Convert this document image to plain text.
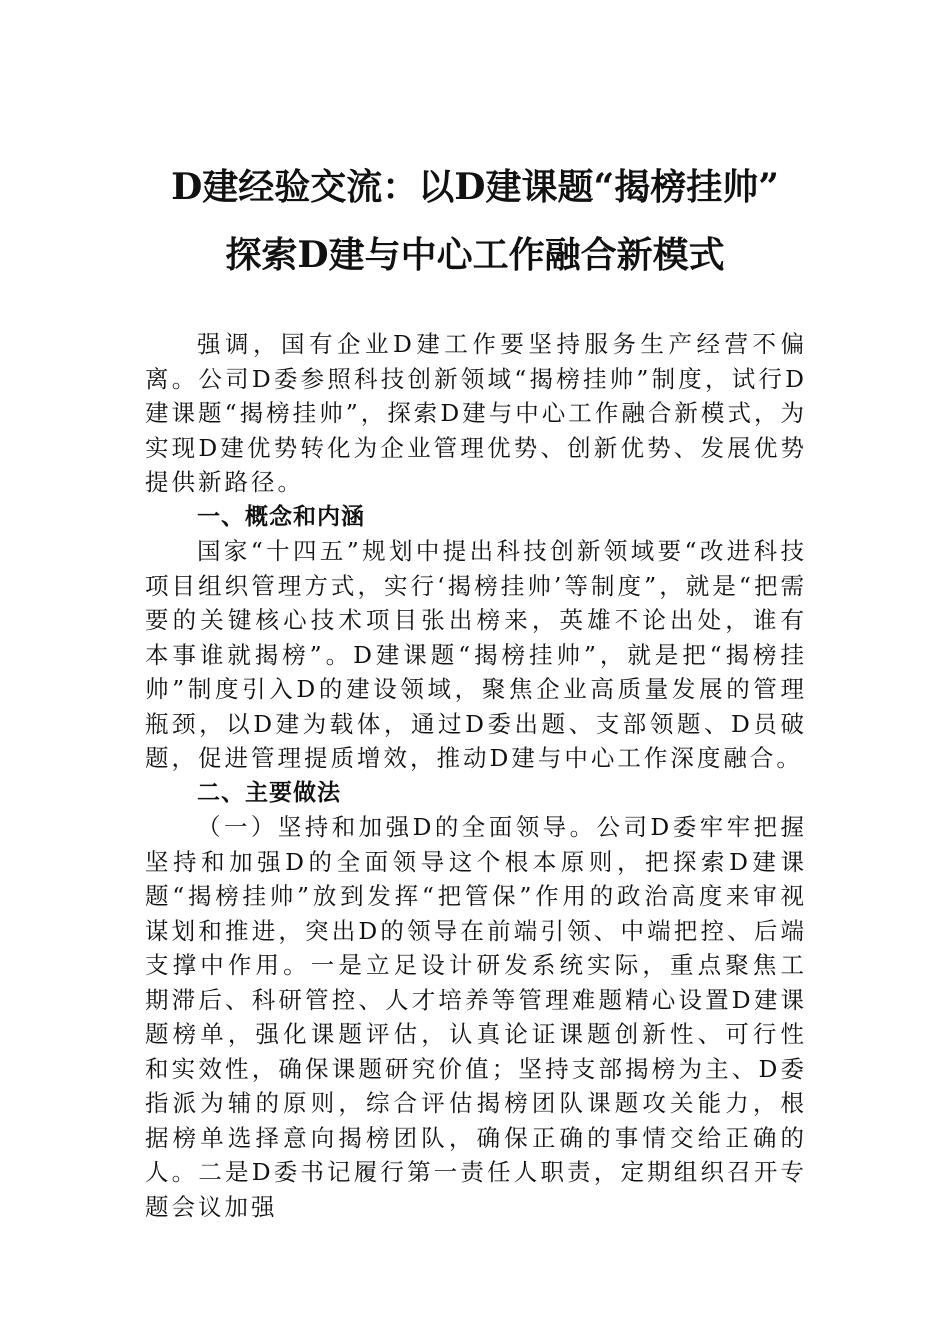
D建经验交流：以D建课题“揭榜挂帅”
探索D建与中心工作融合新模式

强调，国有企业D建工作要坚持服务生产经营不偏离。公司D委参照科技创新领域“揭榜挂帅”制度，试行D建课题“揭榜挂帅”，探索D建与中心工作融合新模式，为实现D建优势转化为企业管理优势、创新优势、发展优势提供新路径。

一、概念和内涵

国家“十四五”规划中提出科技创新领域要“改进科技项目组织管理方式，实行‘揭榜挂帅’等制度”，就是“把需要的关键核心技术项目张出榜来，英雄不论出处，谁有本事谁就揭榜”。D建课题“揭榜挂帅”，就是把“揭榜挂帅”制度引入D的建设领域，聚焦企业高质量发展的管理瓶颈，以D建为载体，通过D委出题、支部领题、D员破题，促进管理提质增效，推动D建与中心工作深度融合。

二、主要做法

（一）坚持和加强D的全面领导。公司D委牢牢把握坚持和加强D的全面领导这个根本原则，把探索D建课题“揭榜挂帅”放到发挥“把管保”作用的政治高度来审视谋划和推进，突出D的领导在前端引领、中端把控、后端支撑中作用。一是立足设计研发系统实际，重点聚焦工期滞后、科研管控、人才培养等管理难题精心设置D建课题榜单，强化课题评估，认真论证课题创新性、可行性和实效性，确保课题研究价值；坚持支部揭榜为主、D委指派为辅的原则，综合评估揭榜团队课题攻关能力，根据榜单选择意向揭榜团队，确保正确的事情交给正确的人。二是D委书记履行第一责任人职责，定期组织召开专题会议加强
